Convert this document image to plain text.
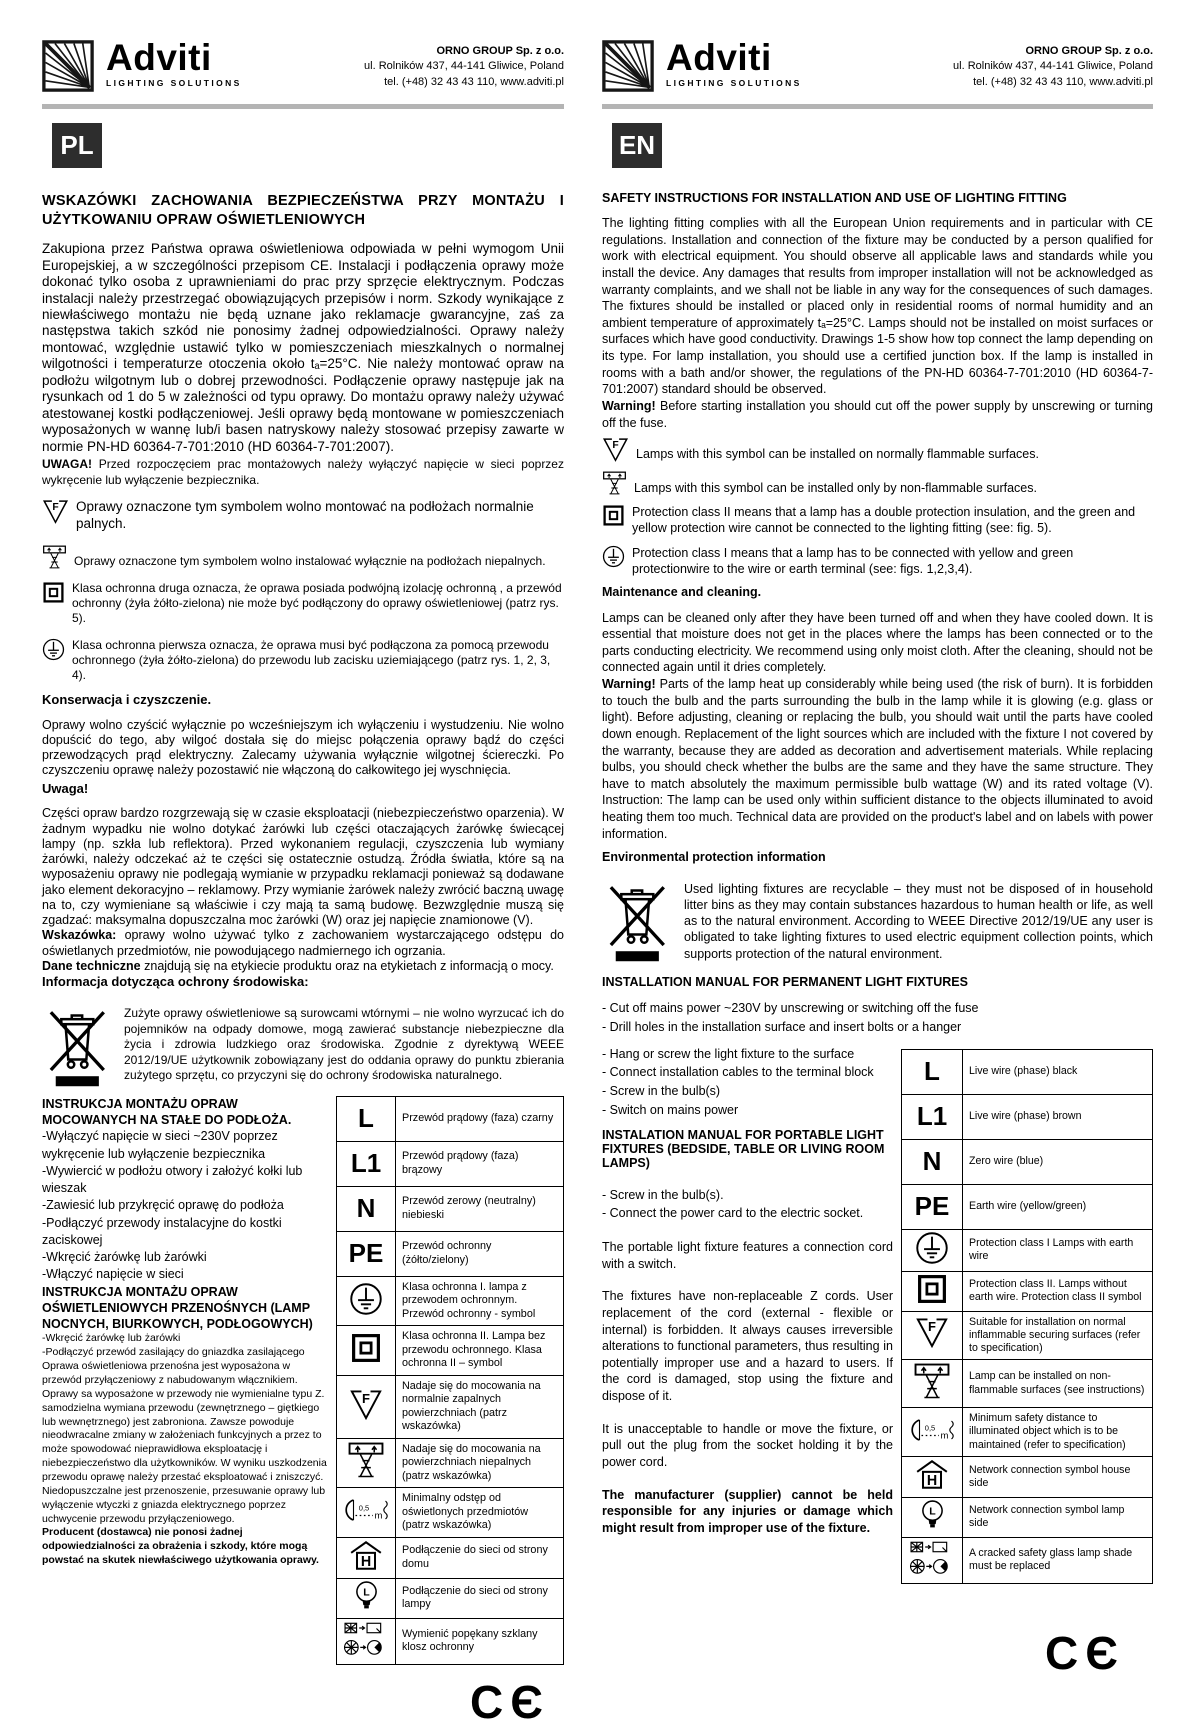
Adviti
LIGHTING SOLUTIONS
ORNO GROUP Sp. z o.o.
ul. Rolników 437, 44-141 Gliwice, Poland
tel. (+48) 32 43 43 110, www.adviti.pl
PL
WSKAZÓWKI ZACHOWANIA BEZPIECZEŃSTWA PRZY MONTAŻU I UŻYTKOWANIU OPRAW OŚWIETLENIOWYCH

Zakupiona przez Państwa oprawa oświetleniowa odpowiada w pełni wymogom Unii Europejskiej, a w szczególności przepisom CE. Instalacji i podłączenia oprawy może dokonać tylko osoba z uprawnieniami do prac przy sprzęcie elektrycznym. Podczas instalacji należy przestrzegać obowiązujących przepisów i norm. Szkody wynikające z niewłaściwego montażu nie będą uznane jako reklamacje gwarancyjne, zaś za następstwa takich szkód nie ponosimy żadnej odpowiedzialności. Oprawy należy montować, względnie ustawić tylko w pomieszczeniach mieszkalnych o normalnej wilgotności i temperaturze otoczenia około tₐ=25°C. Nie należy montować opraw na podłożu wilgotnym lub o dobrej przewodności. Podłączenie oprawy następuje jak na rysunkach od 1 do 5 w zależności od typu oprawy. Do montażu oprawy należy używać atestowanej kostki podłączeniowej. Jeśli oprawy będą montowane w pomieszczeniach wyposażonych w wannę lub/i basen natryskowy należy stosować przepisy zawarte w normie PN-HD 60364-7-701:2010 (HD 60364-7-701:2007).

UWAGA! Przed rozpoczęciem prac montażowych należy wyłączyć napięcie w sieci poprzez wykręcenie lub wyłączenie bezpiecznika.

Oprawy oznaczone tym symbolem wolno montować na podłożach normalnie palnych.

Oprawy oznaczone tym symbolem wolno instalować wyłącznie na podłożach niepalnych.

Klasa ochronna druga oznacza, że oprawa posiada podwójną izolację ochronną , a przewód ochronny (żyła żółto-zielona) nie może być podłączony do oprawy oświetleniowej (patrz rys. 5).

Klasa ochronna pierwsza oznacza, że oprawa musi być podłączona za pomocą przewodu ochronnego (żyła żółto-zielona) do przewodu lub zacisku uziemiającego (patrz rys. 1, 2, 3, 4).

Konserwacja i czyszczenie.

Oprawy wolno czyścić wyłącznie po wcześniejszym ich wyłączeniu i wystudzeniu. Nie wolno dopuścić do tego, aby wilgoć dostała się do miejsc połączenia oprawy bądź do części przewodzących prąd elektryczny. Zalecamy używania wyłącznie wilgotnej ściereczki. Po czyszczeniu oprawę należy pozostawić nie włączoną do całkowitego jej wyschnięcia.

Uwaga!

Części opraw bardzo rozgrzewają się w czasie eksploatacji (niebezpieczeństwo oparzenia). W żadnym wypadku nie wolno dotykać żarówki lub części otaczających żarówkę świecącej lampy (np. szkła lub reflektora). Przed wykonaniem regulacji, czyszczenia lub wymiany żarówki, należy odczekać aż te części się ostatecznie ostudzą. Źródła światła, które są na wyposażeniu oprawy nie podlegają wymianie w przypadku reklamacji ponieważ są dodawane jako element dekoracyjno – reklamowy. Przy wymianie żarówek należy zwrócić baczną uwagę na to, czy wymieniane są właściwie i czy mają ta samą budowę. Bezwzględnie muszą się zgadzać: maksymalna dopuszczalna moc żarówki (W) oraz jej napięcie znamionowe (V).

Wskazówka: oprawy wolno używać tylko z zachowaniem wystarczającego odstępu do oświetlanych przedmiotów, nie powodującego nadmiernego ich ogrzania.

Dane techniczne znajdują się na etykiecie produktu oraz na etykietach z informacją o mocy.

Informacja dotycząca ochrony środowiska:

Zużyte oprawy oświetleniowe są surowcami wtórnymi – nie wolno wyrzucać ich do pojemników na odpady domowe, mogą zawierać substancje niebezpieczne dla życia i zdrowia ludzkiego oraz środowiska. Zgodnie z dyrektywą WEEE 2012/19/UE użytkownik zobowiązany jest do oddania oprawy do punktu zbierania zużytego sprzętu, co przyczyni się do ochrony środowiska naturalnego.

INSTRUKCJA MONTAŻU OPRAW MOCOWANYCH NA STAŁE DO PODŁOŻA.

-Wyłączyć napięcie w sieci ~230V poprzez wykręcenie lub wyłączenie bezpiecznika

-Wywiercić w podłożu otwory i założyć kołki lub wieszak

-Zawiesić lub przykręcić oprawę do podłoża

-Podłączyć przewody instalacyjne do kostki zaciskowej

-Wkręcić żarówkę lub żarówki

-Włączyć napięcie w sieci

INSTRUKCJA MONTAŻU OPRAW OŚWIETLENIOWYCH PRZENOŚNYCH (LAMP NOCNYCH, BIURKOWYCH, PODŁOGOWYCH)

-Wkręcić żarówkę lub żarówki

-Podłączyć przewód zasilający do gniazdka zasilającego

Oprawa oświetleniowa przenośna jest wyposażona w przewód przyłączeniowy z nabudowanym włącznikiem.

Oprawy sa wyposażone w przewody nie wymienialne typu Z. samodzielna wymiana przewodu (zewnętrznego – giętkiego lub wewnętrznego) jest zabroniona. Zawsze powoduje nieodwracalne zmiany w założeniach funkcyjnych a przez to może spowodować nieprawidłowa eksploatację i niebezpieczeństwo dla użytkowników. W wyniku uszkodzenia przewodu oprawę należy przestać eksploatować i zniszczyć. Niedopuszczalne jest przenoszenie, przesuwanie oprawy lub wyłączenie wtyczki z gniazda elektrycznego poprzez uchwycenie przewodu przyłączeniowego.

Producent (dostawca) nie ponosi żadnej odpowiedzialności za obrażenia i szkody, które mogą powstać na skutek niewłaściwego użytkowania oprawy.

L	Przewód prądowy (faza) czarny
L1	Przewód prądowy (faza) brązowy
N	Przewód zerowy (neutralny) niebieski
PE	Przewód ochronny (żółto/zielony)
	Klasa ochronna I. lampa z przewodem ochronnym. Przewód ochronny - symbol
	Klasa ochronna II. Lampa bez przewodu ochronnego. Klasa ochronna II – symbol
	Nadaje się do mocowania na normalnie zapalnych powierzchniach (patrz wskazówka)
	Nadaje się do mocowania na powierzchniach niepalnych (patrz wskazówka)
	Minimalny odstęp od oświetlonych przedmiotów (patrz wskazówka)
	Podłączenie do sieci od strony domu
	Podłączenie do sieci od strony lampy
	Wymienić popękany szklany klosz ochronny
CЄ
Adviti
LIGHTING SOLUTIONS
ORNO GROUP Sp. z o.o.
ul. Rolników 437, 44-141 Gliwice, Poland
tel. (+48) 32 43 43 110, www.adviti.pl
EN
SAFETY INSTRUCTIONS FOR INSTALLATION AND USE OF LIGHTING FITTING

The lighting fitting complies with all the European Union requirements and in particular with CE regulations. Installation and connection of the fixture may be conducted by a person qualified for work with electrical equipment. You should observe all applicable laws and standards while you install the device. Any damages that results from improper installation will not be acknowledged as warranty complaints, and we shall not be liable in any way for the consequences of such damages. The fixtures should be installed or placed only in residential rooms of normal humidity and an ambient temperature of approximately tₐ=25°C. Lamps should not be installed on moist surfaces or surfaces which have good conductivity. Drawings 1-5 show how top connect the lamp depending on its type. For lamp installation, you should use a certified junction box. If the lamp is installed in rooms with a bath and/or shower, the regulations of the PN-HD 60364-7-701:2010 (HD 60364-7-701:2007) standard should be observed.

Warning! Before starting installation you should cut off the power supply by unscrewing or turning off the fuse.

Lamps with this symbol can be installed on normally flammable surfaces.

Lamps with this symbol can be installed only by non-flammable surfaces.

Protection class II means that a lamp has a double protection insulation, and the green and yellow protection wire cannot be connected to the lighting fitting (see: fig. 5).

Protection class I means that a lamp has to be connected with yellow and green protectionwire to the wire or earth terminal (see: figs. 1,2,3,4).

Maintenance and cleaning.

Lamps can be cleaned only after they have been turned off and when they have cooled down. It is essential that moisture does not get in the places where the lamps has been connected or to the parts conducting electricity. We recommend using only moist cloth. After the cleaning, should not be connected again until it dries completely.

Warning! Parts of the lamp heat up considerably while being used (the risk of burn). It is forbidden to touch the bulb and the parts surrounding the bulb in the lamp while it is glowing (e.g. glass or light). Before adjusting, cleaning or replacing the bulb, you should wait until the parts have cooled down enough. Replacement of the light sources which are included with the fixture I not covered by the warranty, because they are added as decoration and advertisement materials. While replacing bulbs, you should check whether the bulbs are the same and they have the same structure. They have to match absolutely the maximum permissible bulb wattage (W) and its rated voltage (V). Instruction: The lamp can be used only within sufficient distance to the objects illuminated to avoid heating them too much. Technical data are provided on the product's label and on labels with power information.

Environmental protection information

Used lighting fixtures are recyclable – they must not be disposed of in household litter bins as they may contain substances hazardous to human health or life, as well as to the natural environment. According to WEEE Directive 2012/19/UE any user is obligated to take lighting fixtures to used electric equipment collection points, which supports protection of the natural environment.

INSTALLATION MANUAL FOR PERMANENT LIGHT FIXTURES

- Cut off mains power ~230V by unscrewing or switching off the fuse

- Drill holes in the installation surface and insert bolts or a hanger

- Hang or screw the light fixture to the surface

- Connect installation cables to the terminal block

- Screw in the bulb(s)

- Switch on mains power

INSTALATION MANUAL FOR PORTABLE LIGHT FIXTURES (BEDSIDE, TABLE OR LIVING ROOM LAMPS)

- Screw in the bulb(s).

- Connect the power card to the electric socket.

The portable light fixture features a connection cord with a switch.

The fixtures have non-replaceable Z cords. User replacement of the cord (external - flexible or internal) is forbidden. It always causes irreversible alterations to functional parameters, thus resulting in potentially improper use and a hazard to users. If the cord is damaged, stop using the fixture and dispose of it.

It is unacceptable to handle or move the fixture, or pull out the plug from the socket holding it by the power cord.

The manufacturer (supplier) cannot be held responsible for any injuries or damage which might result from improper use of the fixture.

L	Live wire (phase) black
L1	Live wire (phase) brown
N	Zero wire (blue)
PE	Earth wire (yellow/green)
	Protection class I Lamps with earth wire
	Protection class II. Lamps without earth wire. Protection class II symbol
	Suitable for installation on normal inflammable securing surfaces (refer to specification)
	Lamp can be installed on non-flammable surfaces (see instructions)
	Minimum safety distance to illuminated object which is to be maintained (refer to specification)
	Network connection symbol house side
	Network connection symbol lamp side
	A cracked safety glass lamp shade must be replaced
CЄ
